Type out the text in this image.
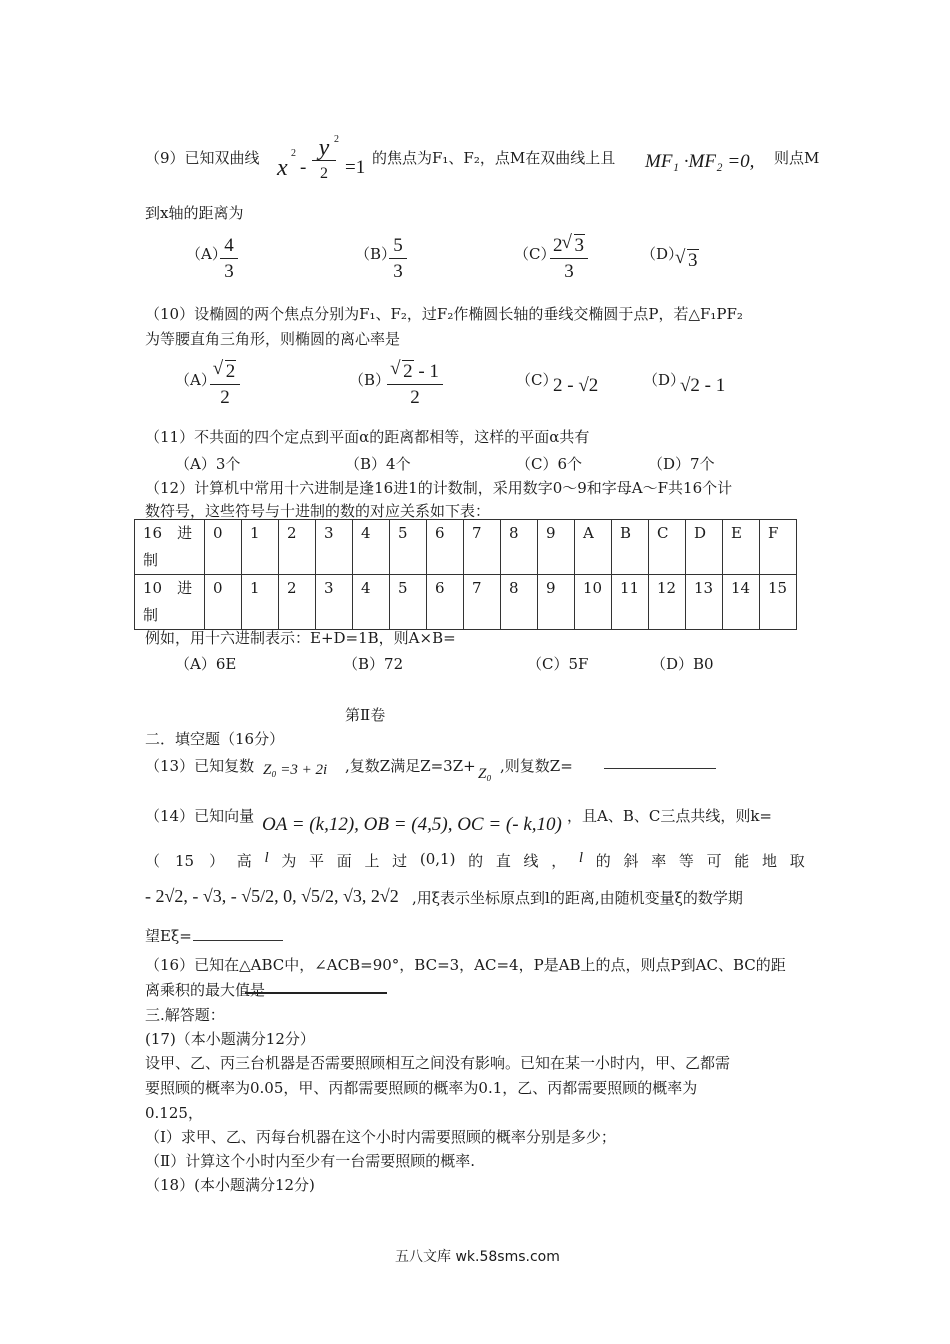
（9）已知双曲线 x
2
-
y
2
2
=1 的焦点为F₁、F₂，点M在双曲线上且 MF₁ ·MF₂ =0, 则点M
到x轴的距离为
（A）
4
3
（B）
5
3
（C）
2 √ 3
3
（D） √ 3
（10）设椭圆的两个焦点分别为F₁、F₂，过F₂作椭圆长轴的垂线交椭圆于点P，若△F₁PF₂
为等腰直角三角形，则椭圆的离心率是
（A） √ 2
2
（B） √ 2 - 1
2
（C）
2 - √2	（D）
√2 - 1
（11）不共面的四个定点到平面α的距离都相等，这样的平面α共有
（A）3个	（B）4个	（C）6个	（D）7个
（12）计算机中常用十六进制是逢16进1的计数制，采用数字0～9和字母A～F共16个计
数符号，这些符号与十进制的数的对应关系如下表：
16　进
制	0	1	2	3	4	5	6	7	8	9	A	B	C	D	E	F

10　进
制	0	1	2	3	4	5	6	7	8	9	10	11	12	13	14	15
例如，用十六进制表示：E+D=1B，则A×B=
（A）6E	（B）72	（C）5F	（D）B0
第Ⅱ卷
二．填空题（16分）
（13）已知复数 Z₀ =3 + 2i ,复数Z满足Z=3Z+ Z₀ ,则复数Z=
（14）已知向量 OA = (k,12), OB = (4,5), OC = (- k,10) ，且A、B、C三点共线，则k=
（　15　） 高 l 为 平 面 上 过 (0,1) 的 直 线 ， l 的 斜 率 等 可 能 地 取
- 2√2, - √3, - √5/2, 0, √5/2, √3, 2√2 ,用ξ表示坐标原点到l的距离,由随机变量ξ的数学期
望Eξ=
（16）已知在△ABC中，∠ACB=90°，BC=3，AC=4，P是AB上的点，则点P到AC、BC的距
离乘积的最大值是
三.解答题：
(17)（本小题满分12分）
设甲、乙、丙三台机器是否需要照顾相互之间没有影响。已知在某一小时内，甲、乙都需
要照顾的概率为0.05，甲、丙都需要照顾的概率为0.1，乙、丙都需要照顾的概率为
0.125，
（Ⅰ）求甲、乙、丙每台机器在这个小时内需要照顾的概率分别是多少；
（Ⅱ）计算这个小时内至少有一台需要照顾的概率.
（18）(本小题满分12分)
五八文库 wk.58sms.com
